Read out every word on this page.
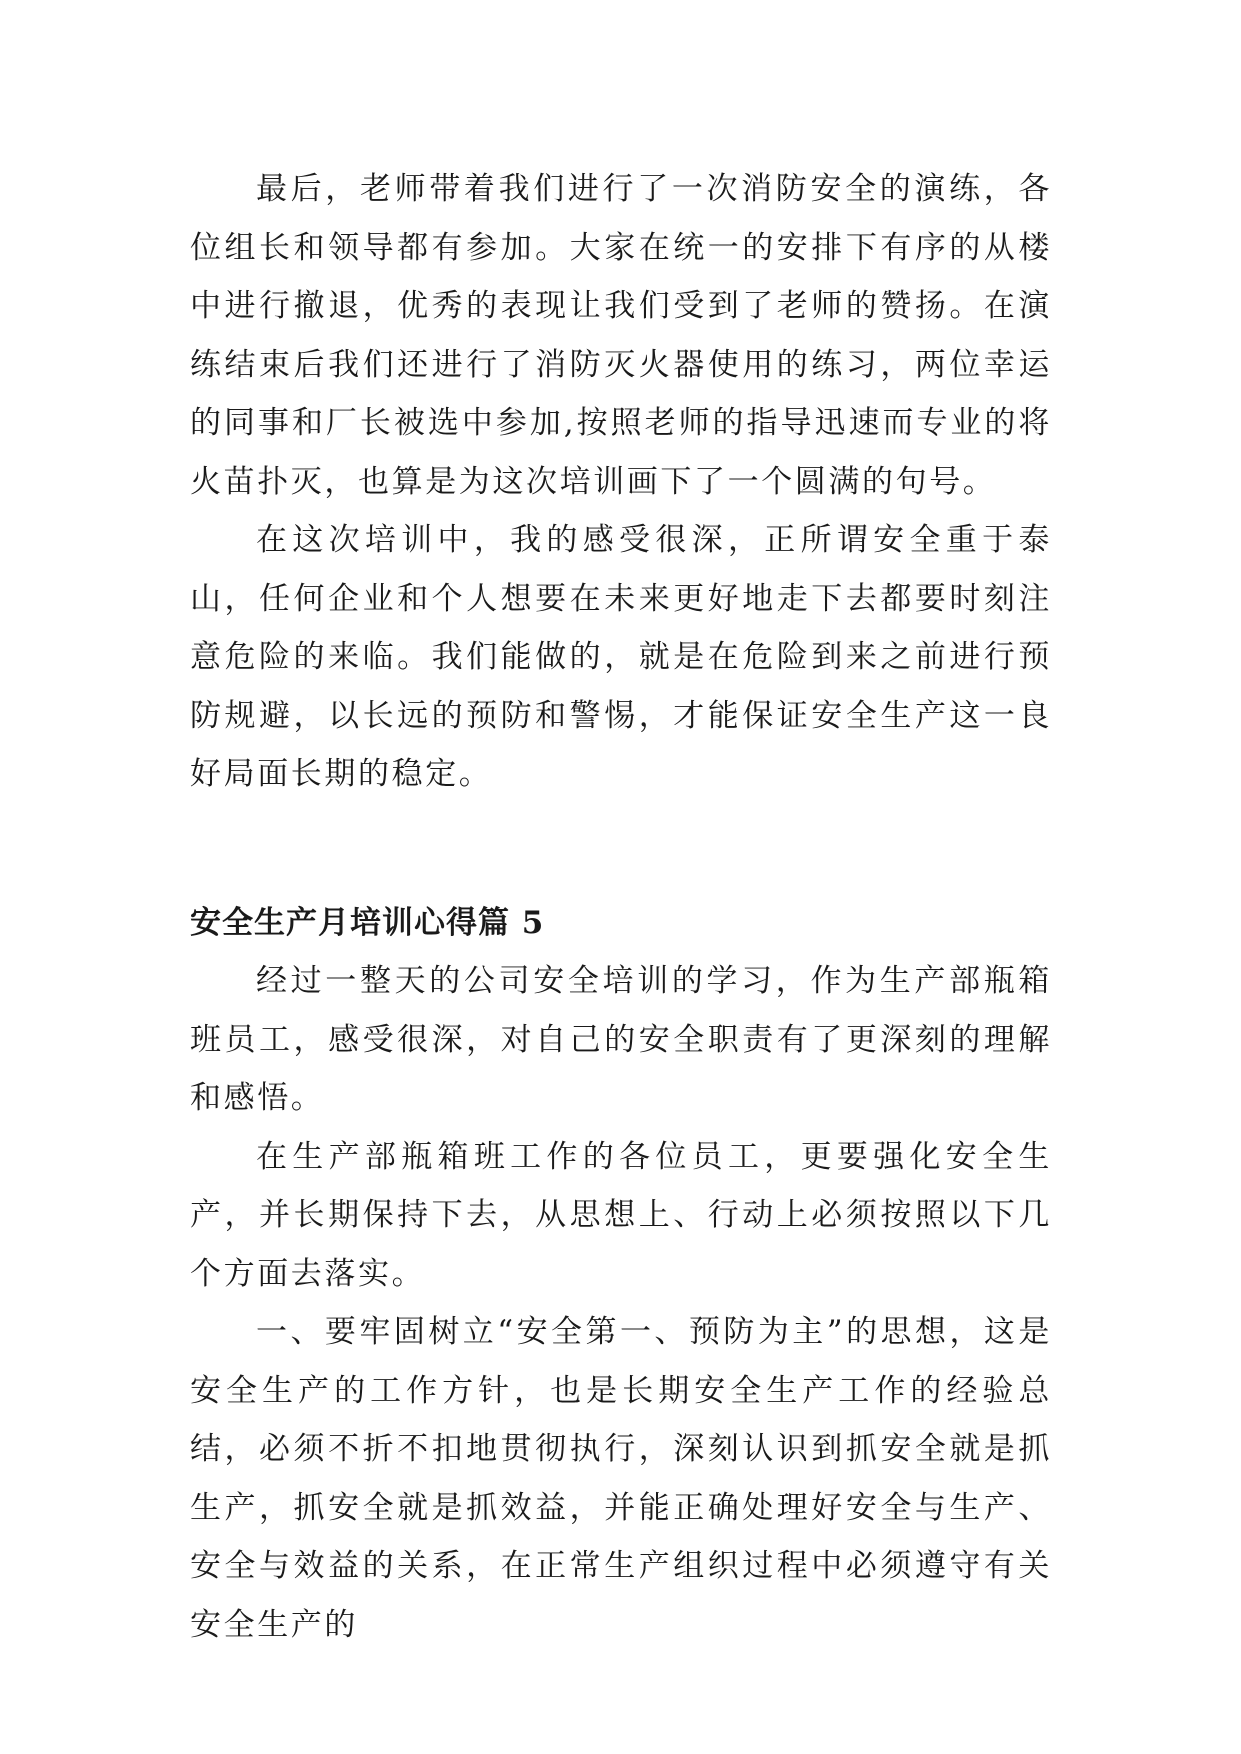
最后，老师带着我们进行了一次消防安全的演练，各位组长和领导都有参加。大家在统一的安排下有序的从楼中进行撤退，优秀的表现让我们受到了老师的赞扬。在演练结束后我们还进行了消防灭火器使用的练习，两位幸运的同事和厂长被选中参加,按照老师的指导迅速而专业的将火苗扑灭，也算是为这次培训画下了一个圆满的句号。

在这次培训中，我的感受很深，正所谓安全重于泰山，任何企业和个人想要在未来更好地走下去都要时刻注意危险的来临。我们能做的，就是在危险到来之前进行预防规避，以长远的预防和警惕，才能保证安全生产这一良好局面长期的稳定。

安全生产月培训心得篇 5

经过一整天的公司安全培训的学习，作为生产部瓶箱班员工，感受很深，对自己的安全职责有了更深刻的理解和感悟。

在生产部瓶箱班工作的各位员工，更要强化安全生产，并长期保持下去，从思想上、行动上必须按照以下几个方面去落实。

一、要牢固树立“安全第一、预防为主”的思想，这是安全生产的工作方针，也是长期安全生产工作的经验总结，必须不折不扣地贯彻执行，深刻认识到抓安全就是抓生产，抓安全就是抓效益，并能正确处理好安全与生产、安全与效益的关系，在正常生产组织过程中必须遵守有关安全生产的
